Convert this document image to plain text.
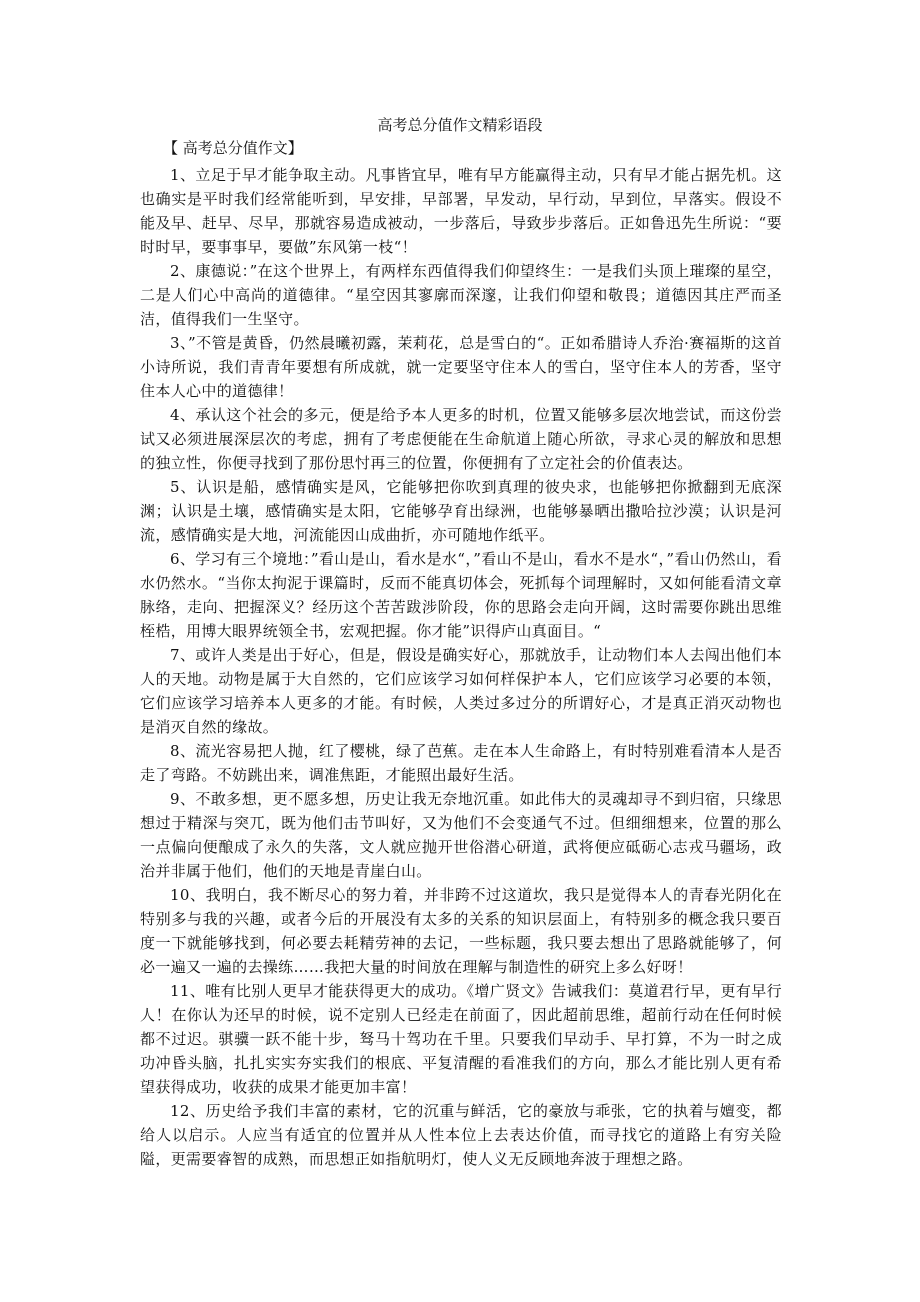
高考总分值作文精彩语段
【 高考总分值作文】

1、立足于早才能争取主动。凡事皆宜早，唯有早方能赢得主动，只有早才能占据先机。这也确实是平时我们经常能听到，早安排，早部署，早发动，早行动，早到位，早落实。假设不能及早、赶早、尽早，那就容易造成被动，一步落后，导致步步落后。正如鲁迅先生所说：“要时时早，要事事早，要做”东风第一枝“！

2、康德说：”在这个世界上，有两样东西值得我们仰望终生：一是我们头顶上璀璨的星空，二是人们心中高尚的道德律。“星空因其寥廓而深邃，让我们仰望和敬畏；道德因其庄严而圣洁，值得我们一生坚守。

3、”不管是黄昏，仍然晨曦初露，茉莉花，总是雪白的“。正如希腊诗人乔治·赛福斯的这首小诗所说，我们青青年要想有所成就，就一定要坚守住本人的雪白，坚守住本人的芳香，坚守住本人心中的道德律！

4、承认这个社会的多元，便是给予本人更多的时机，位置又能够多层次地尝试，而这份尝试又必须进展深层次的考虑，拥有了考虑便能在生命航道上随心所欲，寻求心灵的解放和思想的独立性，你便寻找到了那份思忖再三的位置，你便拥有了立定社会的价值表达。

5、认识是船，感情确实是风，它能够把你吹到真理的彼央求，也能够把你掀翻到无底深渊；认识是土壤，感情确实是太阳，它能够孕育出绿洲，也能够暴晒出撒哈拉沙漠；认识是河流，感情确实是大地，河流能因山成曲折，亦可随地作纸平。

6、学习有三个境地：”看山是山，看水是水“，”看山不是山，看水不是水“，”看山仍然山，看水仍然水。“当你太拘泥于课篇时，反而不能真切体会，死抓每个词理解时，又如何能看清文章脉络，走向、把握深义？经历这个苦苦跋涉阶段，你的思路会走向开阔，这时需要你跳出思维桎梏，用博大眼界统领全书，宏观把握。你才能”识得庐山真面目。“

7、或许人类是出于好心，但是，假设是确实好心，那就放手，让动物们本人去闯出他们本人的天地。动物是属于大自然的，它们应该学习如何样保护本人，它们应该学习必要的本领，它们应该学习培养本人更多的才能。有时候，人类过多过分的所谓好心，才是真正消灭动物也是消灭自然的缘故。

8、流光容易把人抛，红了樱桃，绿了芭蕉。走在本人生命路上，有时特别难看清本人是否走了弯路。不妨跳出来，调准焦距，才能照出最好生活。

9、不敢多想，更不愿多想，历史让我无奈地沉重。如此伟大的灵魂却寻不到归宿，只缘思想过于精深与突兀，既为他们击节叫好，又为他们不会变通气不过。但细细想来，位置的那么一点偏向便酿成了永久的失落，文人就应抛开世俗潜心研道，武将便应砥砺心志戎马疆场，政治并非属于他们，他们的天地是青崖白山。

10、我明白，我不断尽心的努力着，并非跨不过这道坎，我只是觉得本人的青春光阴化在特别多与我的兴趣，或者今后的开展没有太多的关系的知识层面上，有特别多的概念我只要百度一下就能够找到，何必要去耗精劳神的去记，一些标题，我只要去想出了思路就能够了，何必一遍又一遍的去操练……我把大量的时间放在理解与制造性的研究上多么好呀！

11、唯有比别人更早才能获得更大的成功。《增广贤文》告诫我们：莫道君行早，更有早行人！在你认为还早的时候，说不定别人已经走在前面了，因此超前思维，超前行动在任何时候都不过迟。骐骥一跃不能十步，驽马十驾功在千里。只要我们早动手、早打算，不为一时之成功冲昏头脑，扎扎实实夯实我们的根底、平复清醒的看准我们的方向，那么才能比别人更有希望获得成功，收获的成果才能更加丰富！

12、历史给予我们丰富的素材，它的沉重与鲜活，它的豪放与乖张，它的执着与嬗变，都给人以启示。人应当有适宜的位置并从人性本位上去表达价值，而寻找它的道路上有穷关险隘，更需要睿智的成熟，而思想正如指航明灯，使人义无反顾地奔波于理想之路。
